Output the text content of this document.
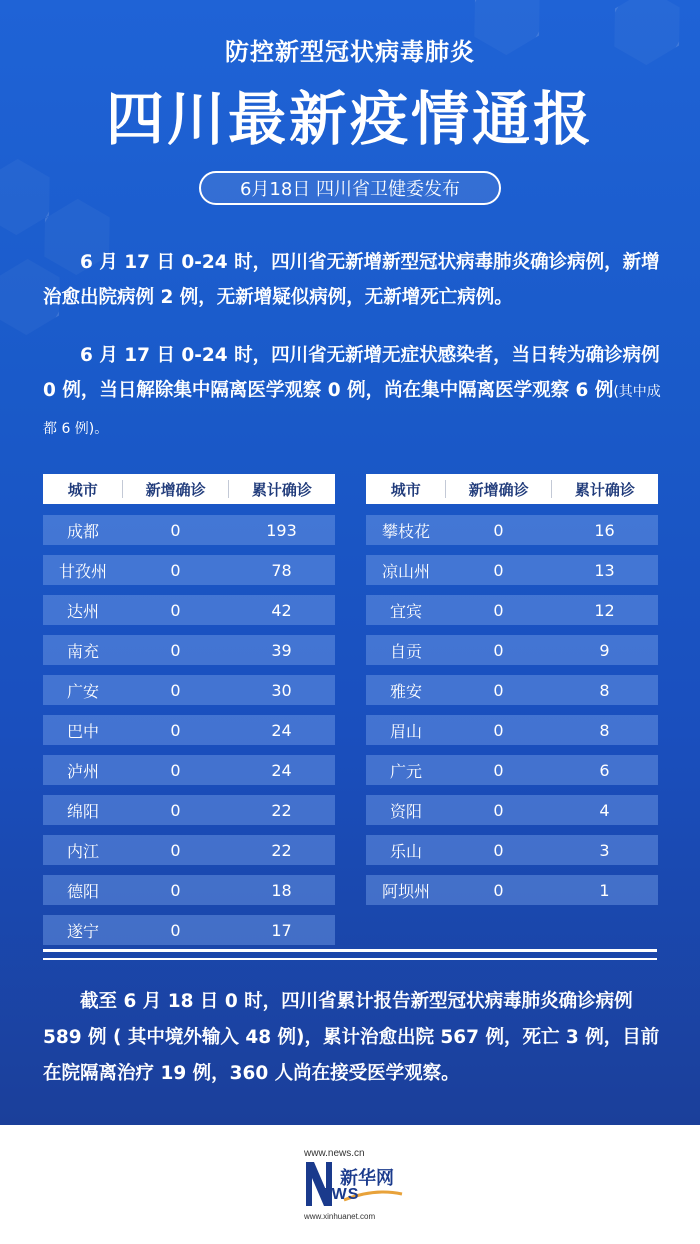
防控新型冠状病毒肺炎
四川最新疫情通报
6月18日 四川省卫健委发布
6 月 17 日 0-24 时，四川省无新增新型冠状病毒肺炎确诊病例，新增治愈出院病例 2 例，无新增疑似病例，无新增死亡病例。
6 月 17 日 0-24 时，四川省无新增无症状感染者，当日转为确诊病例 0 例，当日解除集中隔离医学观察 0 例，尚在集中隔离医学观察 6 例(其中成都 6 例)。
城市	新增确诊	累计确诊
成都	0	193
甘孜州	0	78
达州	0	42
南充	0	39
广安	0	30
巴中	0	24
泸州	0	24
绵阳	0	22
内江	0	22
德阳	0	18
遂宁	0	17
城市	新增确诊	累计确诊
攀枝花	0	16
凉山州	0	13
宜宾	0	12
自贡	0	9
雅安	0	8
眉山	0	8
广元	0	6
资阳	0	4
乐山	0	3
阿坝州	0	1
截至 6 月 18 日 0 时，四川省累计报告新型冠状病毒肺炎确诊病例 589 例 ( 其中境外输入 48 例)，累计治愈出院 567 例，死亡 3 例，目前在院隔离治疗 19 例，360 人尚在接受医学观察。
www.news.cn
新华网
EWS
www.xinhuanet.com
